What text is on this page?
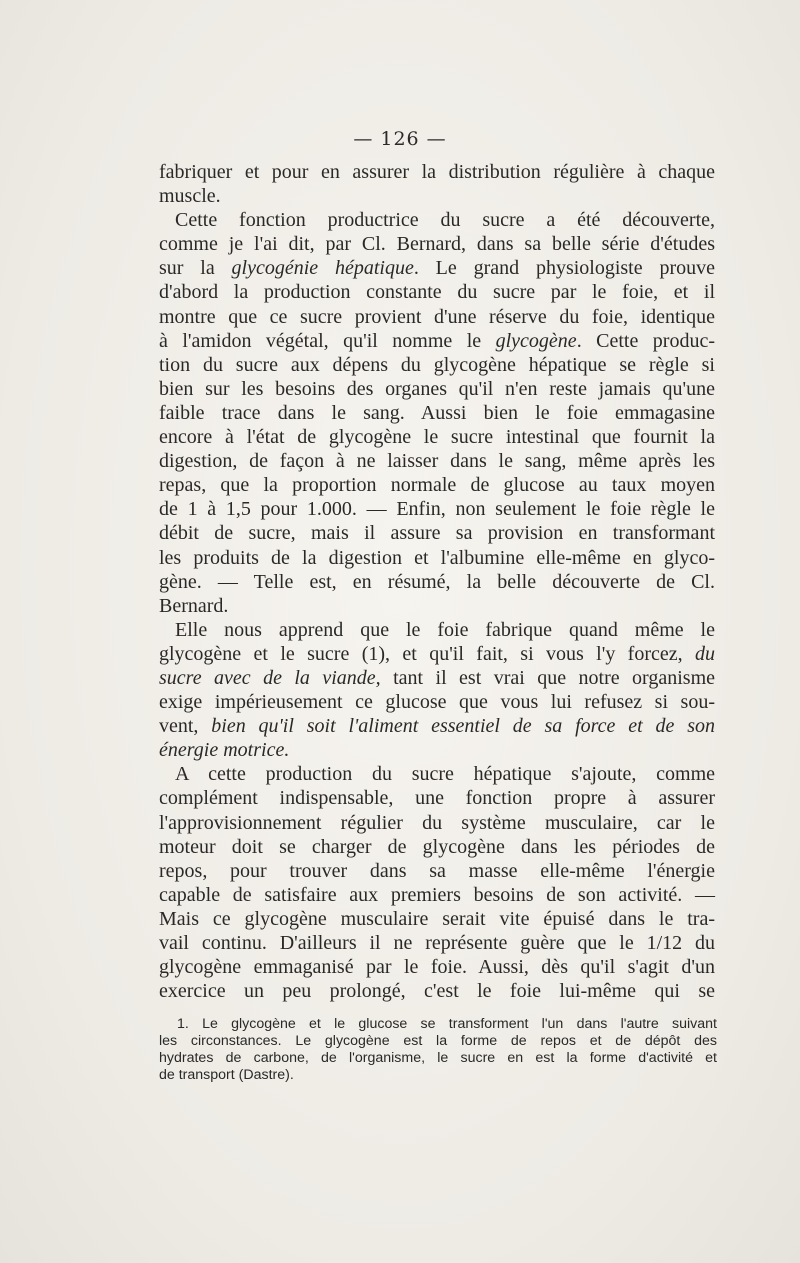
— 126 —
fabriquer et pour en assurer la distribution régulière à chaque
muscle.
Cette fonction productrice du sucre a été découverte,
comme je l'ai dit, par Cl. Bernard, dans sa belle série d'études
sur la glycogénie hépatique. Le grand physiologiste prouve
d'abord la production constante du sucre par le foie, et il
montre que ce sucre provient d'une réserve du foie, identique
à l'amidon végétal, qu'il nomme le glycogène. Cette produc-
tion du sucre aux dépens du glycogène hépatique se règle si
bien sur les besoins des organes qu'il n'en reste jamais qu'une
faible trace dans le sang. Aussi bien le foie emmagasine
encore à l'état de glycogène le sucre intestinal que fournit la
digestion, de façon à ne laisser dans le sang, même après les
repas, que la proportion normale de glucose au taux moyen
de 1 à 1,5 pour 1.000. — Enfin, non seulement le foie règle le
débit de sucre, mais il assure sa provision en transformant
les produits de la digestion et l'albumine elle-même en glyco-
gène. — Telle est, en résumé, la belle découverte de Cl.
Bernard.
Elle nous apprend que le foie fabrique quand même le
glycogène et le sucre (1), et qu'il fait, si vous l'y forcez, du
sucre avec de la viande, tant il est vrai que notre organisme
exige impérieusement ce glucose que vous lui refusez si sou-
vent, bien qu'il soit l'aliment essentiel de sa force et de son
énergie motrice.
A cette production du sucre hépatique s'ajoute, comme
complément indispensable, une fonction propre à assurer
l'approvisionnement régulier du système musculaire, car le
moteur doit se charger de glycogène dans les périodes de
repos, pour trouver dans sa masse elle-même l'énergie
capable de satisfaire aux premiers besoins de son activité. —
Mais ce glycogène musculaire serait vite épuisé dans le tra-
vail continu. D'ailleurs il ne représente guère que le 1/12 du
glycogène emmaganisé par le foie. Aussi, dès qu'il s'agit d'un
exercice un peu prolongé, c'est le foie lui-même qui se
1. Le glycogène et le glucose se transforment l'un dans l'autre suivant
les circonstances. Le glycogène est la forme de repos et de dépôt des
hydrates de carbone, de l'organisme, le sucre en est la forme d'activité et
de transport (Dastre).
